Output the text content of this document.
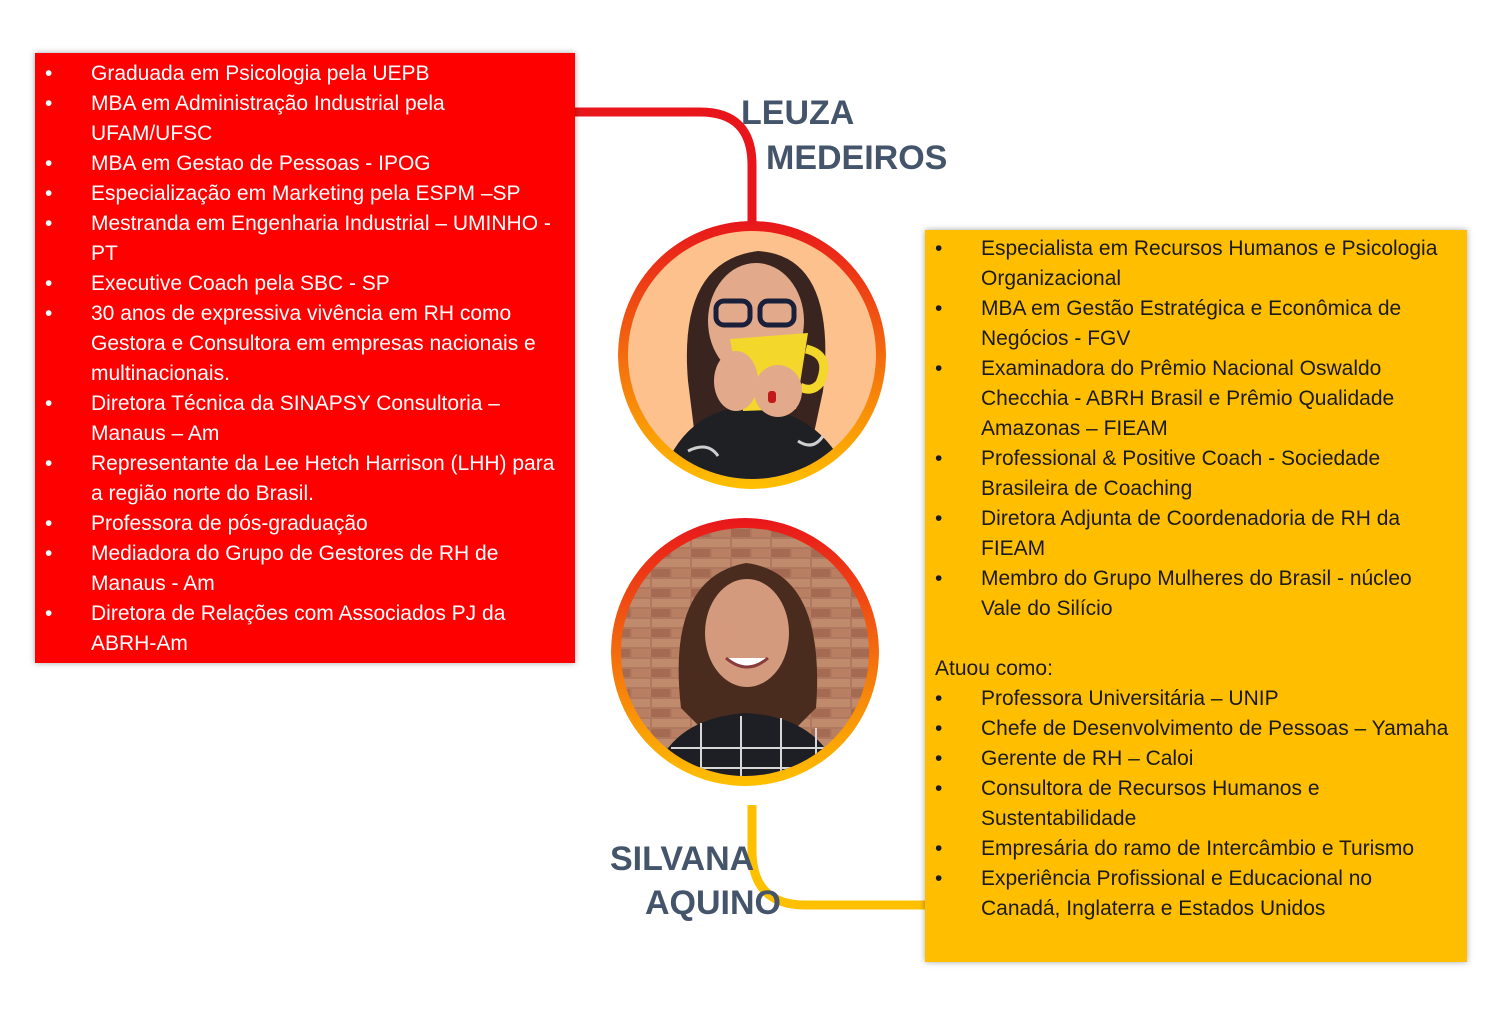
• Graduada em Psicologia pela UEPB
• MBA em Administração Industrial pela UFAM/UFSC
• MBA em Gestao de Pessoas - IPOG
• Especialização em Marketing pela ESPM –SP
• Mestranda em Engenharia Industrial – UMINHO - PT
• Executive Coach pela SBC - SP
• 30 anos de expressiva vivência em RH como Gestora e Consultora em empresas nacionais e multinacionais.
• Diretora Técnica da SINAPSY Consultoria – Manaus – Am
• Representante da Lee Hetch Harrison (LHH) para a região norte do Brasil.
• Professora de pós-graduação
• Mediadora do Grupo de Gestores de RH de Manaus - Am
• Diretora de Relações com Associados PJ da ABRH-Am
LEUZA
MEDEIROS
SILVANA
AQUINO
• Especialista em Recursos Humanos e Psicologia Organizacional
• MBA em Gestão Estratégica e Econômica de Negócios - FGV
• Examinadora do Prêmio Nacional Oswaldo Checchia - ABRH Brasil e Prêmio Qualidade Amazonas – FIEAM
• Professional & Positive Coach - Sociedade Brasileira de Coaching
• Diretora Adjunta de Coordenadoria de RH da FIEAM
• Membro do Grupo Mulheres do Brasil - núcleo Vale do Silício
Atuou como:
• Professora Universitária – UNIP
• Chefe de Desenvolvimento de Pessoas – Yamaha
• Gerente de RH – Caloi
• Consultora de Recursos Humanos e Sustentabilidade
• Empresária do ramo de Intercâmbio e Turismo
• Experiência Profissional e Educacional no Canadá, Inglaterra e Estados Unidos
